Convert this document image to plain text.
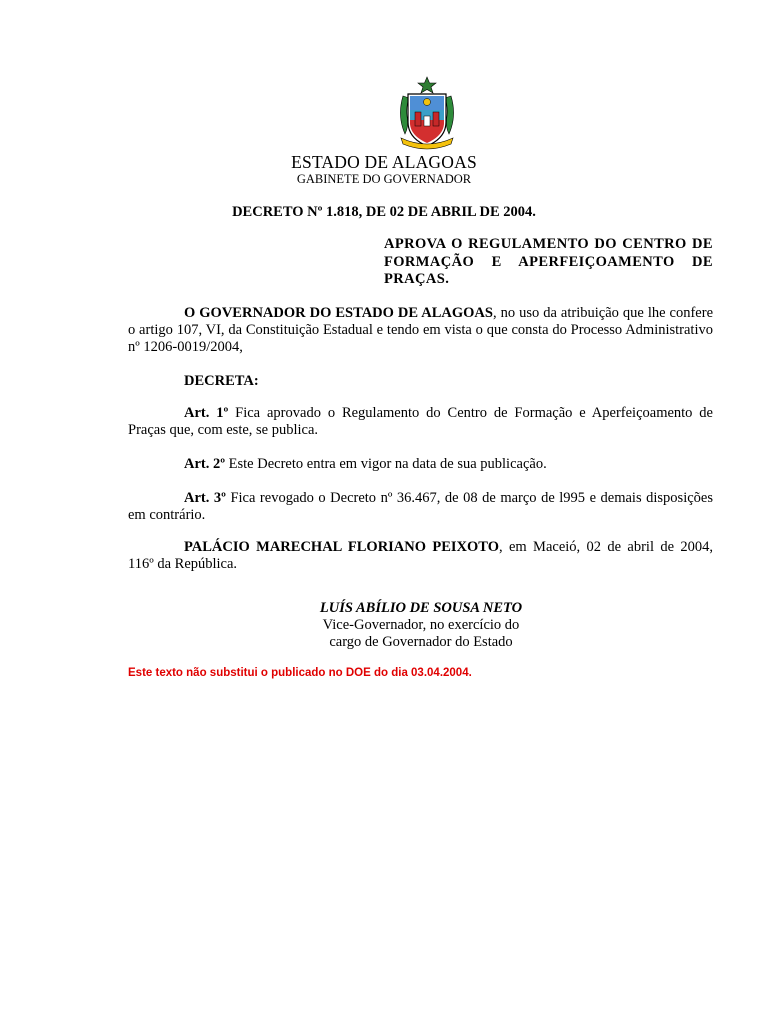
ESTADO DE ALAGOAS
GABINETE DO GOVERNADOR
DECRETO Nº 1.818, DE 02 DE ABRIL DE 2004.
APROVA O REGULAMENTO DO CENTRO DE FORMAÇÃO E APERFEIÇOAMENTO DE PRAÇAS.
O GOVERNADOR DO ESTADO DE ALAGOAS, no uso da atribuição que lhe confere o artigo 107, VI, da Constituição Estadual e tendo em vista o que consta do Processo Administrativo nº 1206-0019/2004,
DECRETA:
Art. 1º Fica aprovado o Regulamento do Centro de Formação e Aperfeiçoamento de Praças que, com este, se publica.
Art. 2º Este Decreto entra em vigor na data de sua publicação.
Art. 3º Fica revogado o Decreto nº 36.467, de 08 de março de l995 e demais disposições em contrário.
PALÁCIO MARECHAL FLORIANO PEIXOTO, em Maceió, 02 de abril de 2004, 116º da República.
LUÍS ABÍLIO DE SOUSA NETO
Vice-Governador, no exercício do
cargo de Governador do Estado
Este texto não substitui o publicado no DOE do dia 03.04.2004.
